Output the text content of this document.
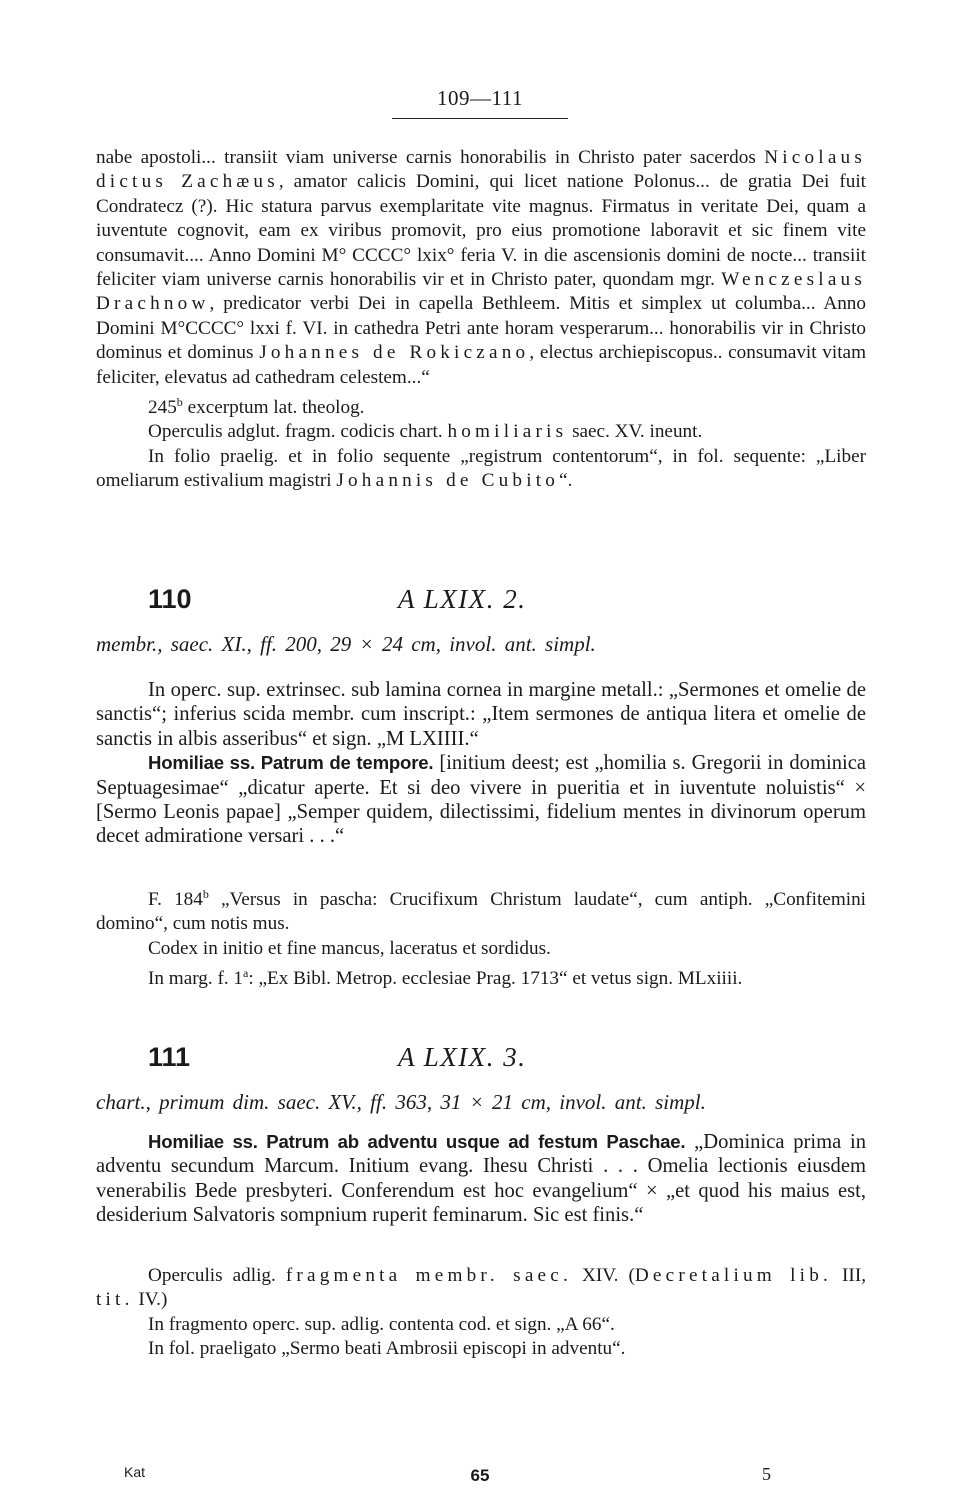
109—111

nabe apostoli... transiit viam universe carnis honorabilis in Christo pater sacerdos Nicolaus dictus Zachæus, amator calicis Domini, qui licet natione Polonus... de gratia Dei fuit Condratecz (?). Hic statura parvus exemplaritate vite magnus. Firmatus in veritate Dei, quam a iuventute cognovit, eam ex viribus promovit, pro eius promotione laboravit et sic finem vite consumavit.... Anno Domini M° CCCC° lxix° feria V. in die ascensionis domini de nocte... transiit feliciter viam universe carnis honorabilis vir et in Christo pater, quondam mgr. Wenczeslaus Drachnow, predicator verbi Dei in capella Bethleem. Mitis et simplex ut columba... Anno Domini M°CCCC° lxxi f. VI. in cathedra Petri ante horam vesperarum... honorabilis vir in Christo dominus et dominus Johannes de Rokiczano, electus archiepiscopus.. consumavit vitam feliciter, elevatus ad cathedram celestem...“

245$^b$ excerptum lat. theolog.

Operculis adglut. fragm. codicis chart. homiliaris saec. XV. ineunt.

In folio praelig. et in folio sequente „registrum contentorum“, in fol. sequente: „Liber omeliarum estivalium magistri Johannis de Cubito“.

110	A LXIX. 2.
membr., saec. XI., ff. 200, 29 × 24 cm, invol. ant. simpl.

In operc. sup. extrinsec. sub lamina cornea in margine metall.: „Sermones et omelie de sanctis“; inferius scida membr. cum inscript.: „Item sermones de antiqua litera et omelie de sanctis in albis asseribus“ et sign. „M LXIIII.“

Homiliae ss. Patrum de tempore. [initium deest; est „homilia s. Gregorii in dominica Septuagesimae“ „dicatur aperte. Et si deo vivere in pueritia et in iuventute noluistis“ × [Sermo Leonis papae] „Semper quidem, dilectissimi, fidelium mentes in divinorum operum decet admiratione versari . . .“

F. 184$^b$ „Versus in pascha: Crucifixum Christum laudate“, cum antiph. „Confitemini domino“, cum notis mus.

Codex in initio et fine mancus, laceratus et sordidus.

In marg. f. 1$^a$: „Ex Bibl. Metrop. ecclesiae Prag. 1713“ et vetus sign. MLxiiii.

111	A LXIX. 3.
chart., primum dim. saec. XV., ff. 363, 31 × 21 cm, invol. ant. simpl.

Homiliae ss. Patrum ab adventu usque ad festum Paschae. „Dominica prima in adventu secundum Marcum. Initium evang. Ihesu Christi . . . Omelia lectionis eiusdem venerabilis Bede presbyteri. Conferendum est hoc evangelium“ × „et quod his maius est, desiderium Salvatoris sompnium ruperit feminarum. Sic est finis.“

Operculis adlig. fragmenta membr. saec. XIV. (Decretalium lib. III, tit. IV.)

In fragmento operc. sup. adlig. contenta cod. et sign. „A 66“.

In fol. praeligato „Sermo beati Ambrosii episcopi in adventu“.

Kat	65	5
